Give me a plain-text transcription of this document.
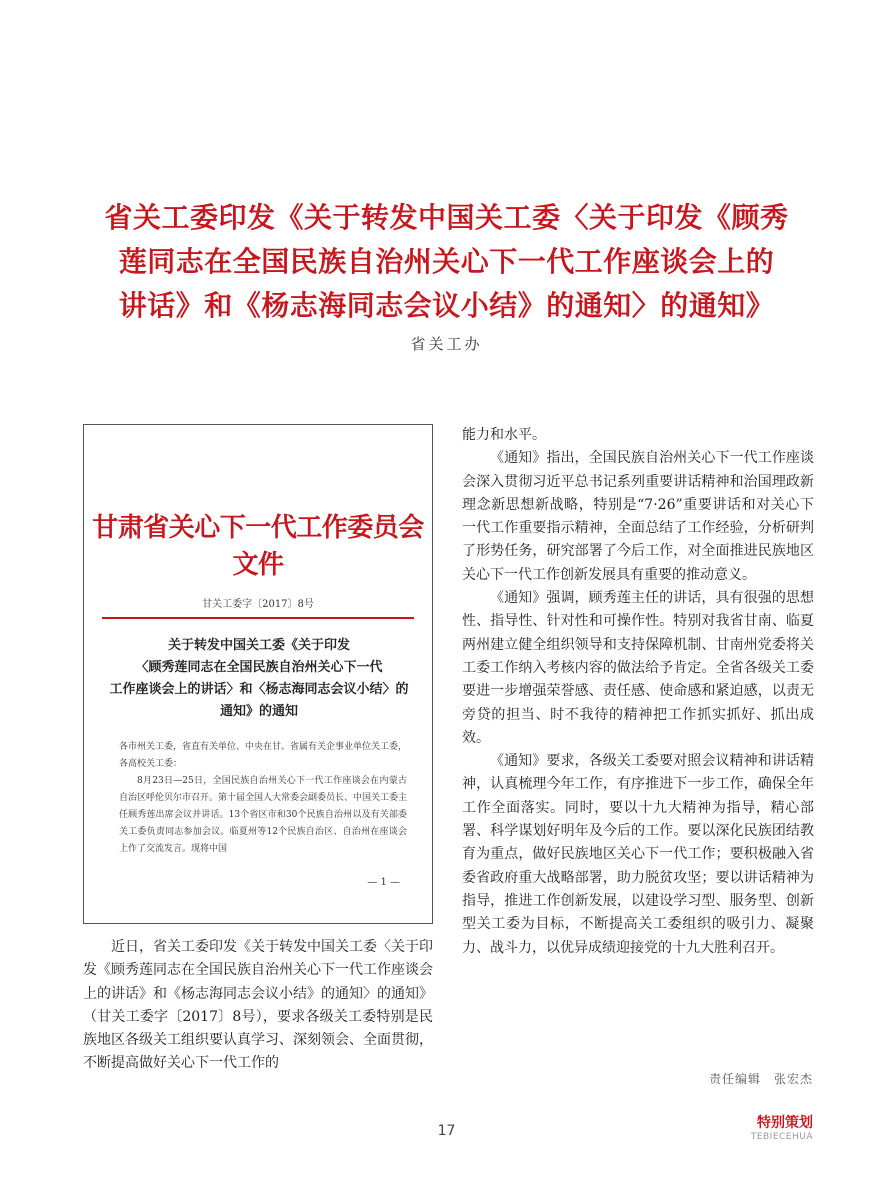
省关工委印发《关于转发中国关工委〈关于印发《顾秀
莲同志在全国民族自治州关心下一代工作座谈会上的
讲话》和《杨志海同志会议小结》的通知〉的通知》
省关工办
甘肃省关心下一代工作委员会文件
甘关工委字〔2017〕8号
关于转发中国关工委《关于印发
〈顾秀莲同志在全国民族自治州关心下一代
工作座谈会上的讲话〉和〈杨志海同志会议小结〉的
通知》的通知

各市州关工委，省直有关单位、中央在甘、省属有关企事业单位关工委，各高校关工委：

8月23日—25日，全国民族自治州关心下一代工作座谈会在内蒙古自治区呼伦贝尔市召开。第十届全国人大常委会副委员长、中国关工委主任顾秀莲出席会议并讲话。13个省区市和30个民族自治州以及有关部委关工委负责同志参加会议。临夏州等12个民族自治区、自治州在座谈会上作了交流发言。现将中国

— 1 —

近日，省关工委印发《关于转发中国关工委〈关于印发《顾秀莲同志在全国民族自治州关心下一代工作座谈会上的讲话》和《杨志海同志会议小结》的通知〉的通知》（甘关工委字〔2017〕8号），要求各级关工委特别是民族地区各级关工组织要认真学习、深刻领会、全面贯彻，不断提高做好关心下一代工作的

能力和水平。

《通知》指出，全国民族自治州关心下一代工作座谈会深入贯彻习近平总书记系列重要讲话精神和治国理政新理念新思想新战略，特别是“7·26”重要讲话和对关心下一代工作重要指示精神，全面总结了工作经验，分析研判了形势任务，研究部署了今后工作，对全面推进民族地区关心下一代工作创新发展具有重要的推动意义。

《通知》强调，顾秀莲主任的讲话，具有很强的思想性、指导性、针对性和可操作性。特别对我省甘南、临夏两州建立健全组织领导和支持保障机制、甘南州党委将关工委工作纳入考核内容的做法给予肯定。全省各级关工委要进一步增强荣誉感、责任感、使命感和紧迫感，以责无旁贷的担当、时不我待的精神把工作抓实抓好、抓出成效。

《通知》要求，各级关工委要对照会议精神和讲话精神，认真梳理今年工作，有序推进下一步工作，确保全年工作全面落实。同时，要以十九大精神为指导，精心部署、科学谋划好明年及今后的工作。要以深化民族团结教育为重点，做好民族地区关心下一代工作；要积极融入省委省政府重大战略部署，助力脱贫攻坚；要以讲话精神为指导，推进工作创新发展，以建设学习型、服务型、创新型关工委为目标，不断提高关工委组织的吸引力、凝聚力、战斗力，以优异成绩迎接党的十九大胜利召开。

责任编辑　张宏杰
17	特别策划
TEBIECEHUA
